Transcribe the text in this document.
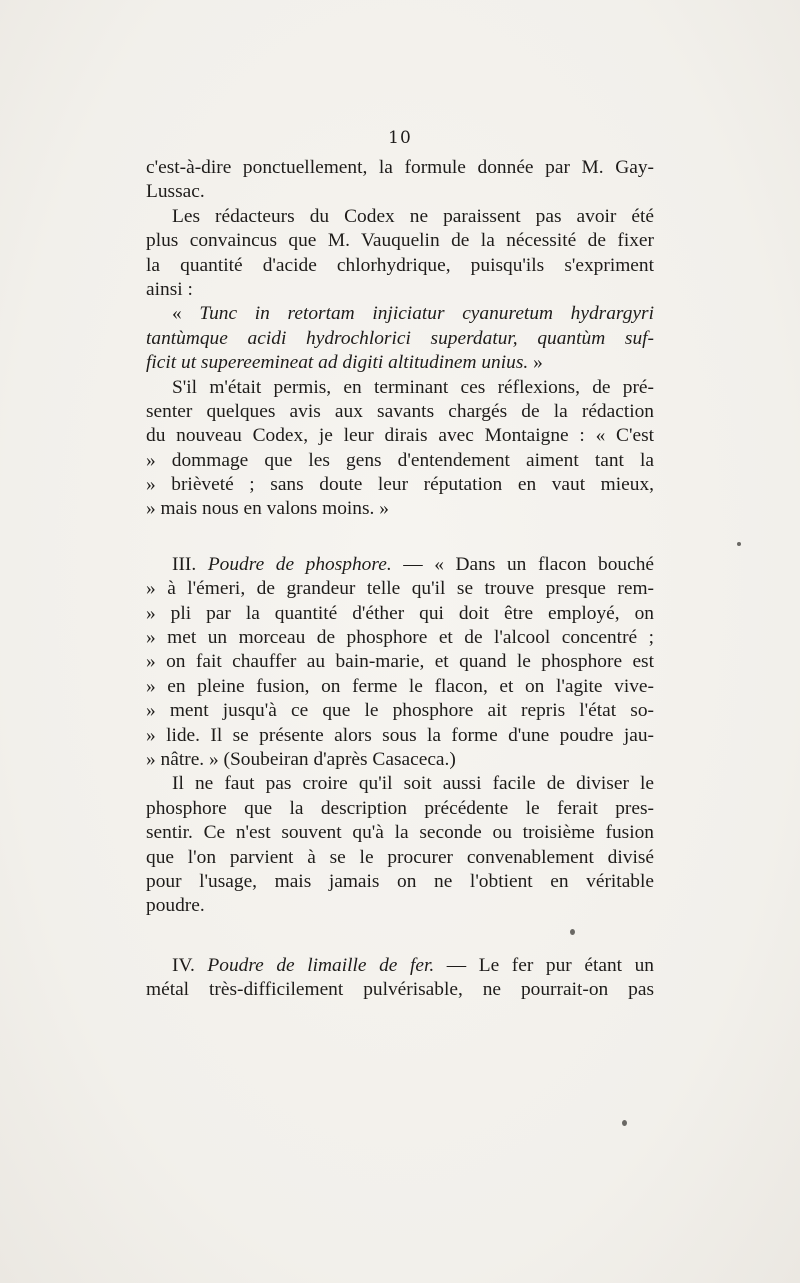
10
c'est-à-dire ponctuellement, la formule donnée par M. Gay-
Lussac.
Les rédacteurs du Codex ne paraissent pas avoir été
plus convaincus que M. Vauquelin de la nécessité de fixer
la quantité d'acide chlorhydrique, puisqu'ils s'expriment
ainsi :
« Tunc in retortam injiciatur cyanuretum hydrargyri
tantùmque acidi hydrochlorici superdatur, quantùm suf-
ficit ut supereemineat ad digiti altitudinem unius. »
S'il m'était permis, en terminant ces réflexions, de pré-
senter quelques avis aux savants chargés de la rédaction
du nouveau Codex, je leur dirais avec Montaigne : « C'est
» dommage que les gens d'entendement aiment tant la
» brièveté ; sans doute leur réputation en vaut mieux,
» mais nous en valons moins. »
III. Poudre de phosphore. — « Dans un flacon bouché
» à l'émeri, de grandeur telle qu'il se trouve presque rem-
» pli par la quantité d'éther qui doit être employé, on
» met un morceau de phosphore et de l'alcool concentré ;
» on fait chauffer au bain-marie, et quand le phosphore est
» en pleine fusion, on ferme le flacon, et on l'agite vive-
» ment jusqu'à ce que le phosphore ait repris l'état so-
» lide. Il se présente alors sous la forme d'une poudre jau-
» nâtre. » (Soubeiran d'après Casaceca.)
Il ne faut pas croire qu'il soit aussi facile de diviser le
phosphore que la description précédente le ferait pres-
sentir. Ce n'est souvent qu'à la seconde ou troisième fusion
que l'on parvient à se le procurer convenablement divisé
pour l'usage, mais jamais on ne l'obtient en véritable
poudre.
IV. Poudre de limaille de fer. — Le fer pur étant un
métal très-difficilement pulvérisable, ne pourrait-on pas
